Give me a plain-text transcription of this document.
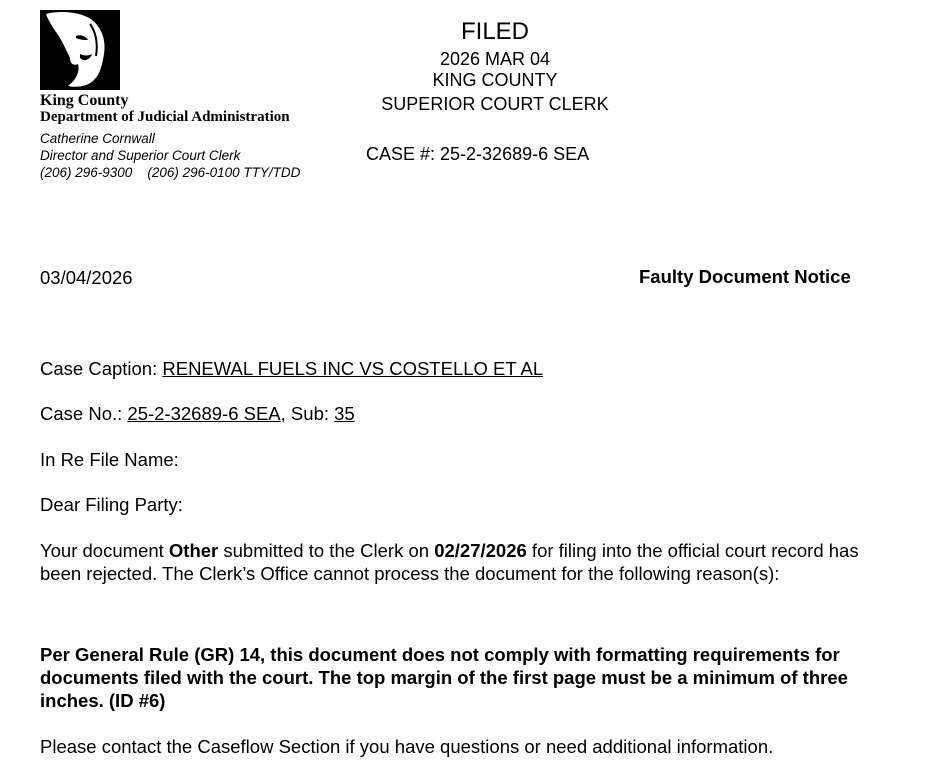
King County
Department of Judicial Administration
Catherine Cornwall
Director and Superior Court Clerk
(206) 296-9300    (206) 296-0100 TTY/TDD
FILED
2026 MAR 04
KING COUNTY
SUPERIOR COURT CLERK
CASE #: 25-2-32689-6 SEA
03/04/2026	Faulty Document Notice
Case Caption: RENEWAL FUELS INC VS COSTELLO ET AL
Case No.: 25-2-32689-6 SEA, Sub: 35
In Re File Name:
Dear Filing Party:
Your document Other submitted to the Clerk on 02/27/2026 for filing into the official court record has been rejected. The Clerk’s Office cannot process the document for the following reason(s):
Per General Rule (GR) 14, this document does not comply with formatting requirements for documents filed with the court. The top margin of the first page must be a minimum of three inches. (ID #6)
Please contact the Caseflow Section if you have questions or need additional information.
